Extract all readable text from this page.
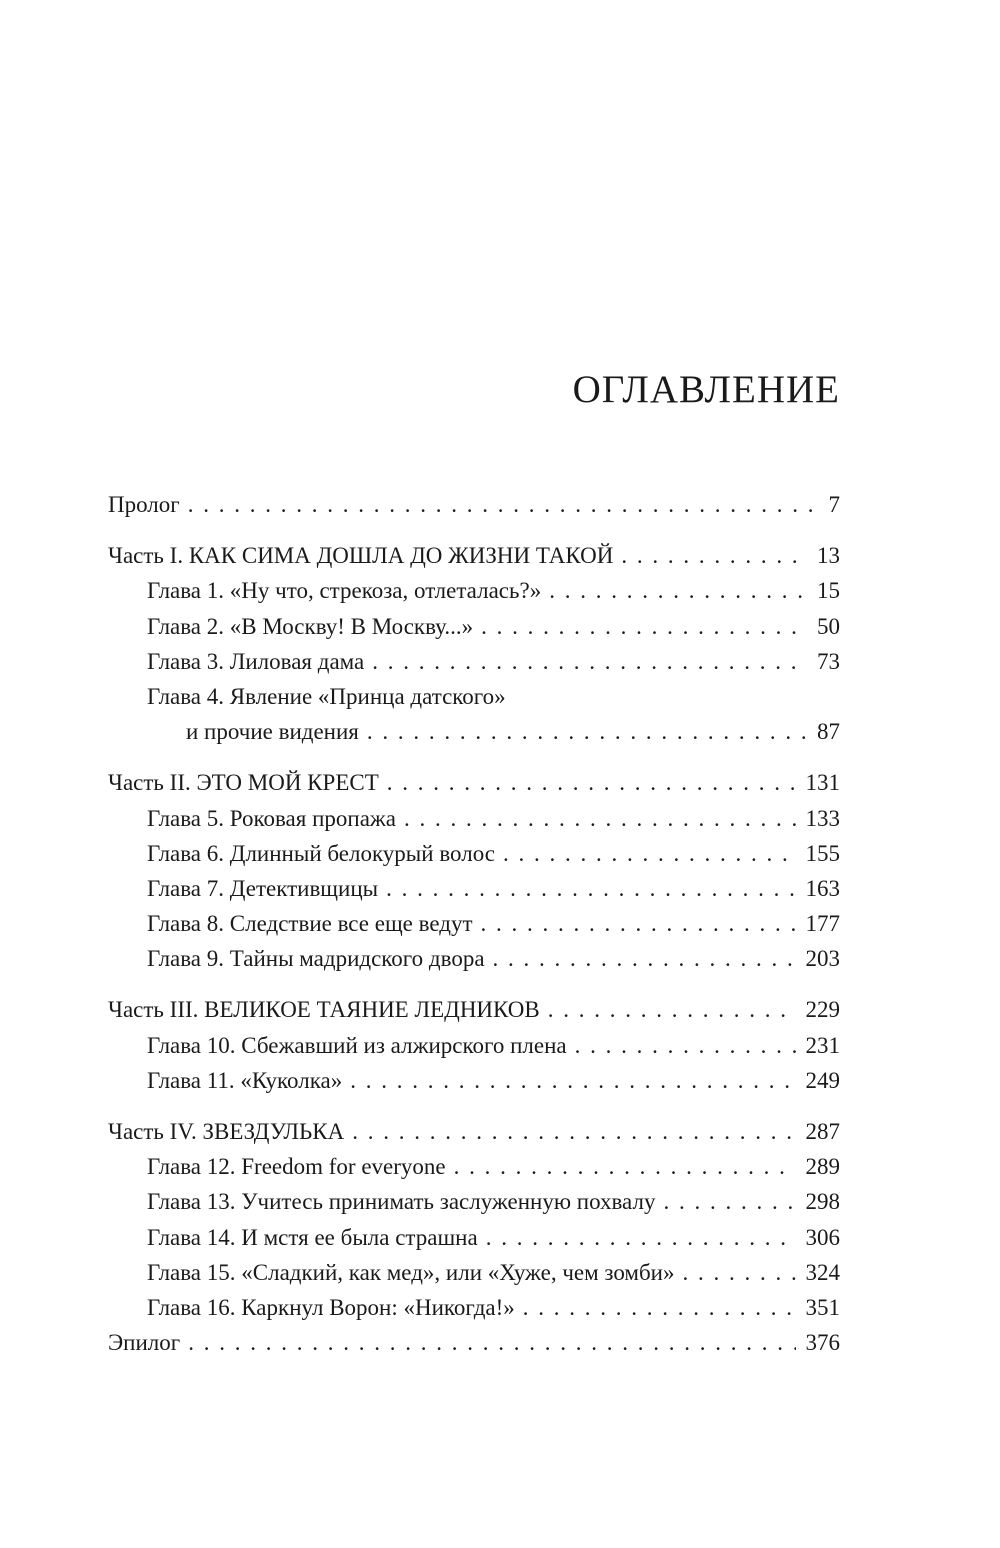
ОГЛАВЛЕНИЕ
Пролог . . .	7
Часть I. КАК СИМА ДОШЛА ДО ЖИЗНИ ТАКОЙ . . .	13
Глава 1. «Ну что, стрекоза, отлеталась?» . . .	15
Глава 2. «В Москву! В Москву...» . . .	50
Глава 3. Лиловая дама . . .	73
Глава 4. Явление «Принца датского»
и прочие видения . . .	87
Часть II. ЭТО МОЙ КРЕСТ . . .	131
Глава 5. Роковая пропажа . . .	133
Глава 6. Длинный белокурый волос . . .	155
Глава 7. Детективщицы . . .	163
Глава 8. Следствие все еще ведут . . .	177
Глава 9. Тайны мадридского двора . . .	203
Часть III. ВЕЛИКОЕ ТАЯНИЕ ЛЕДНИКОВ . . .	229
Глава 10. Сбежавший из алжирского плена . . .	231
Глава 11. «Куколка» . . .	249
Часть IV. ЗВЕЗДУЛЬКА . . .	287
Глава 12. Freedom for everyone . . .	289
Глава 13. Учитесь принимать заслуженную похвалу . . .	298
Глава 14. И мстя ее была страшна . . .	306
Глава 15. «Сладкий, как мед», или «Хуже, чем зомби» . . .	324
Глава 16. Каркнул Ворон: «Никогда!» . . .	351
Эпилог . . .	376
